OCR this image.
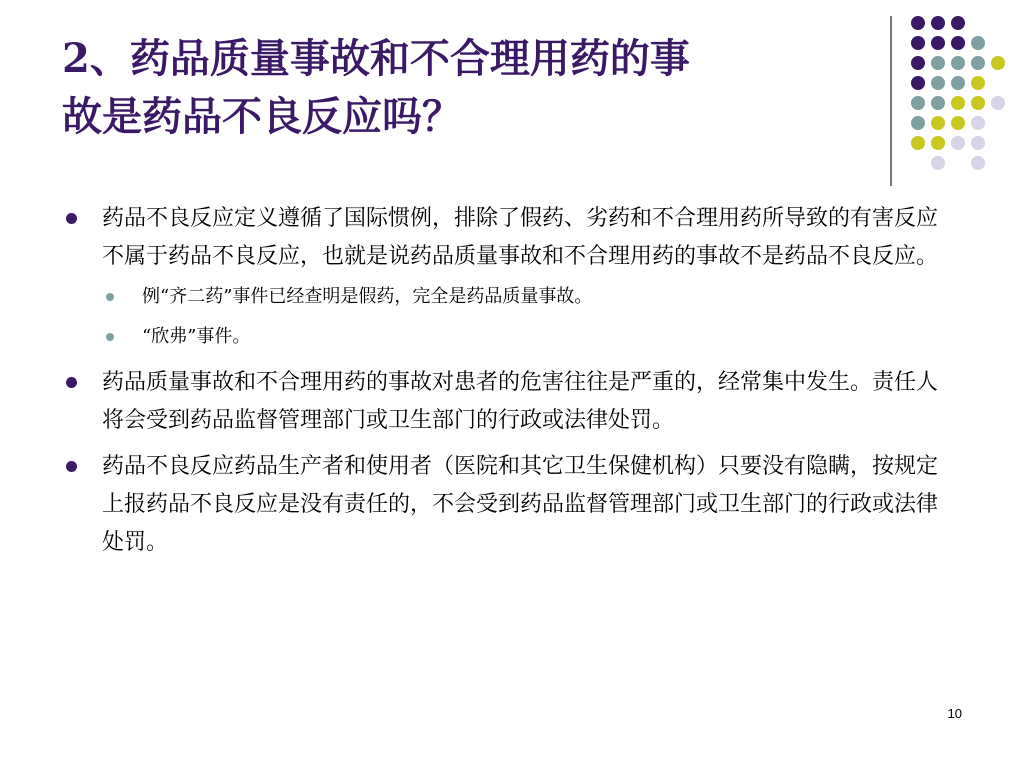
2、药品质量事故和不合理用药的事
故是药品不良反应吗？
药品不良反应定义遵循了国际惯例，排除了假药、劣药和不合理用药所导致的有害反应不属于药品不良反应，也就是说药品质量事故和不合理用药的事故不是药品不良反应。
例“齐二药”事件已经查明是假药，完全是药品质量事故。
“欣弗”事件。
药品质量事故和不合理用药的事故对患者的危害往往是严重的，经常集中发生。责任人将会受到药品监督管理部门或卫生部门的行政或法律处罚。
药品不良反应药品生产者和使用者（医院和其它卫生保健机构）只要没有隐瞒，按规定上报药品不良反应是没有责任的，不会受到药品监督管理部门或卫生部门的行政或法律处罚。
10
